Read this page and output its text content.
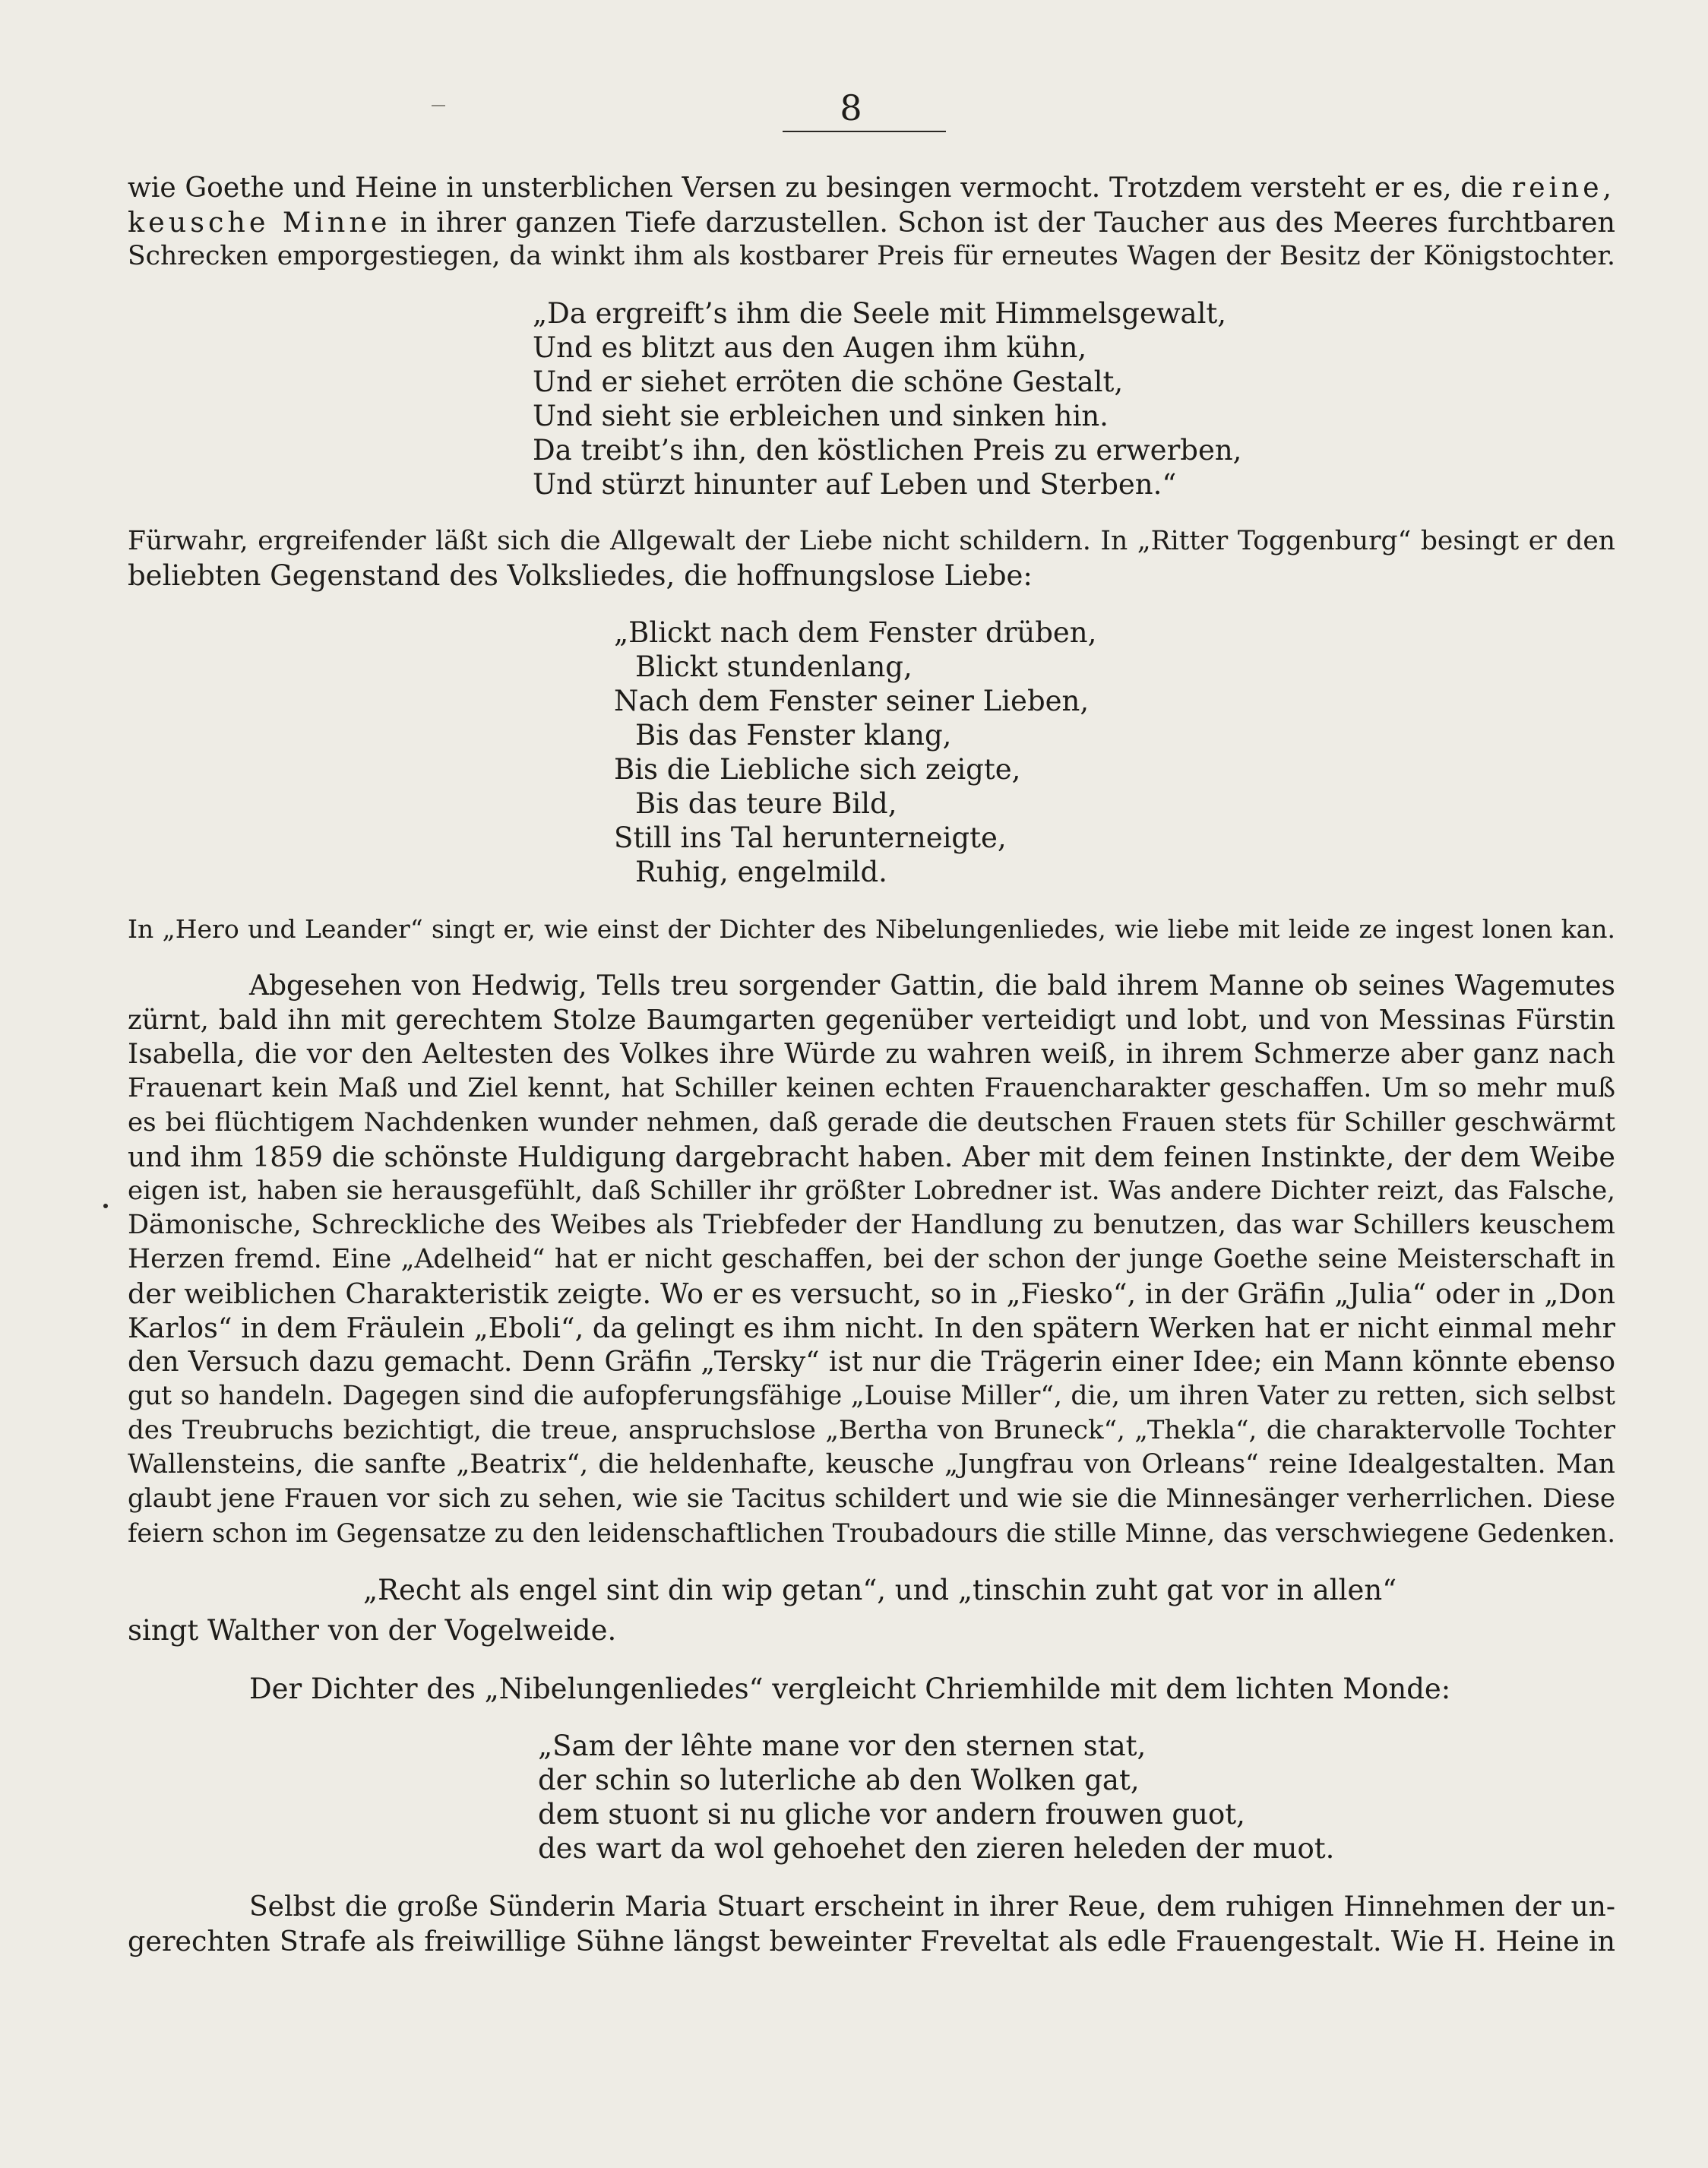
8
wie Goethe und Heine in unsterblichen Versen zu besingen vermocht. Trotzdem versteht er es, die reine,
keusche Minne in ihrer ganzen Tiefe darzustellen. Schon ist der Taucher aus des Meeres furchtbaren
Schrecken emporgestiegen, da winkt ihm als kostbarer Preis für erneutes Wagen der Besitz der Königstochter.
„Da ergreift’s ihm die Seele mit Himmelsgewalt,
Und es blitzt aus den Augen ihm kühn,
Und er siehet erröten die schöne Gestalt,
Und sieht sie erbleichen und sinken hin.
Da treibt’s ihn, den köstlichen Preis zu erwerben,
Und stürzt hinunter auf Leben und Sterben.“
Fürwahr, ergreifender läßt sich die Allgewalt der Liebe nicht schildern. In „Ritter Toggenburg“ besingt er den
beliebten Gegenstand des Volksliedes, die hoffnungslose Liebe:
„Blickt nach dem Fenster drüben,
Blickt stundenlang,
Nach dem Fenster seiner Lieben,
Bis das Fenster klang,
Bis die Liebliche sich zeigte,
Bis das teure Bild,
Still ins Tal herunterneigte,
Ruhig, engelmild.
In „Hero und Leander“ singt er, wie einst der Dichter des Nibelungenliedes, wie liebe mit leide ze ingest lonen kan.
Abgesehen von Hedwig, Tells treu sorgender Gattin, die bald ihrem Manne ob seines Wagemutes
zürnt, bald ihn mit gerechtem Stolze Baumgarten gegenüber verteidigt und lobt, und von Messinas Fürstin
Isabella, die vor den Aeltesten des Volkes ihre Würde zu wahren weiß, in ihrem Schmerze aber ganz nach
Frauenart kein Maß und Ziel kennt, hat Schiller keinen echten Frauencharakter geschaffen. Um so mehr muß
es bei flüchtigem Nachdenken wunder nehmen, daß gerade die deutschen Frauen stets für Schiller geschwärmt
und ihm 1859 die schönste Huldigung dargebracht haben. Aber mit dem feinen Instinkte, der dem Weibe
eigen ist, haben sie herausgefühlt, daß Schiller ihr größter Lobredner ist. Was andere Dichter reizt, das Falsche,
Dämonische, Schreckliche des Weibes als Triebfeder der Handlung zu benutzen, das war Schillers keuschem
Herzen fremd. Eine „Adelheid“ hat er nicht geschaffen, bei der schon der junge Goethe seine Meisterschaft in
der weiblichen Charakteristik zeigte. Wo er es versucht, so in „Fiesko“, in der Gräfin „Julia“ oder in „Don
Karlos“ in dem Fräulein „Eboli“, da gelingt es ihm nicht. In den spätern Werken hat er nicht einmal mehr
den Versuch dazu gemacht. Denn Gräfin „Tersky“ ist nur die Trägerin einer Idee; ein Mann könnte ebenso
gut so handeln. Dagegen sind die aufopferungsfähige „Louise Miller“, die, um ihren Vater zu retten, sich selbst
des Treubruchs bezichtigt, die treue, anspruchslose „Bertha von Bruneck“, „Thekla“, die charaktervolle Tochter
Wallensteins, die sanfte „Beatrix“, die heldenhafte, keusche „Jungfrau von Orleans“ reine Idealgestalten. Man
glaubt jene Frauen vor sich zu sehen, wie sie Tacitus schildert und wie sie die Minnesänger verherrlichen. Diese
feiern schon im Gegensatze zu den leidenschaftlichen Troubadours die stille Minne, das verschwiegene Gedenken.
„Recht als engel sint din wip getan“, und „tinschin zuht gat vor in allen“
singt Walther von der Vogelweide.
Der Dichter des „Nibelungenliedes“ vergleicht Chriemhilde mit dem lichten Monde:
„Sam der lêhte mane vor den sternen stat,
der schin so luterliche ab den Wolken gat,
dem stuont si nu gliche vor andern frouwen guot,
des wart da wol gehoehet den zieren heleden der muot.
Selbst die große Sünderin Maria Stuart erscheint in ihrer Reue, dem ruhigen Hinnehmen der un-
gerechten Strafe als freiwillige Sühne längst beweinter Freveltat als edle Frauengestalt. Wie H. Heine in
